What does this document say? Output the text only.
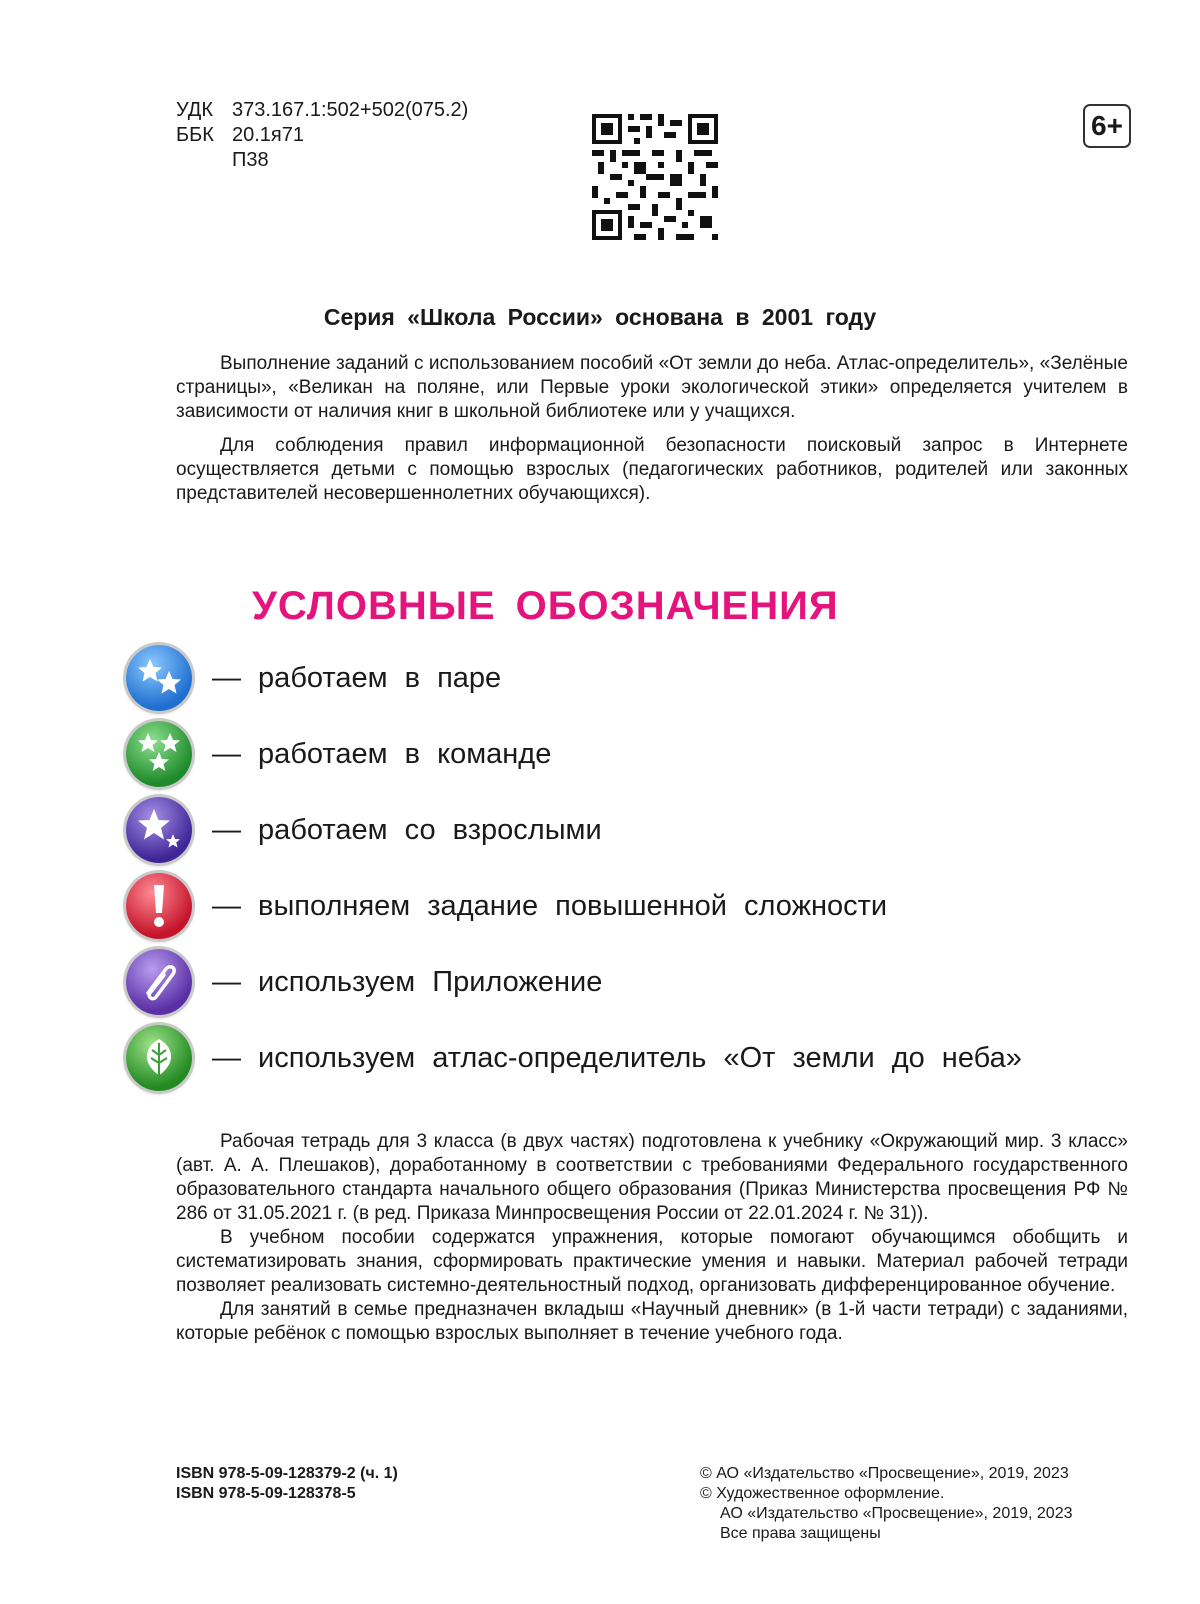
УДК 373.167.1:502+502(075.2)
ББК 20.1я71
П38
6+
Серия «Школа России» основана в 2001 году

Выполнение заданий с использованием пособий «От земли до неба. Атлас-определитель», «Зелёные страницы», «Великан на поляне, или Первые уроки экологической этики» определяется учителем в зависимости от наличия книг в школьной библиотеке или у учащихся.

Для соблюдения правил информационной безопасности поисковый запрос в Интернете осуществляется детьми с помощью взрослых (педагогических работников, родителей или законных представителей несовершеннолетних обучающихся).

УСЛОВНЫЕ ОБОЗНАЧЕНИЯ
— работаем в паре
— работаем в команде
— работаем со взрослыми
— выполняем задание повышенной сложности
— используем Приложение
— используем атлас-определитель «От земли до неба»

Рабочая тетрадь для 3 класса (в двух частях) подготовлена к учебнику «Окружающий мир. 3 класс» (авт. А. А. Плешаков), доработанному в соответствии с требованиями Федерального государственного образовательного стандарта начального общего образования (Приказ Министерства просвещения РФ № 286 от 31.05.2021 г. (в ред. Приказа Минпросвещения России от 22.01.2024 г. № 31)).

В учебном пособии содержатся упражнения, которые помогают обучающимся обобщить и систематизировать знания, сформировать практические умения и навыки. Материал рабочей тетради позволяет реализовать системно-деятельностный подход, организовать дифференцированное обучение.

Для занятий в семье предназначен вкладыш «Научный дневник» (в 1-й части тетради) с заданиями, которые ребёнок с помощью взрослых выполняет в течение учебного года.

ISBN 978-5-09-128379-2 (ч. 1)
ISBN 978-5-09-128378-5
© АО «Издательство «Просвещение», 2019, 2023
© Художественное оформление.
АО «Издательство «Просвещение», 2019, 2023
Все права защищены
